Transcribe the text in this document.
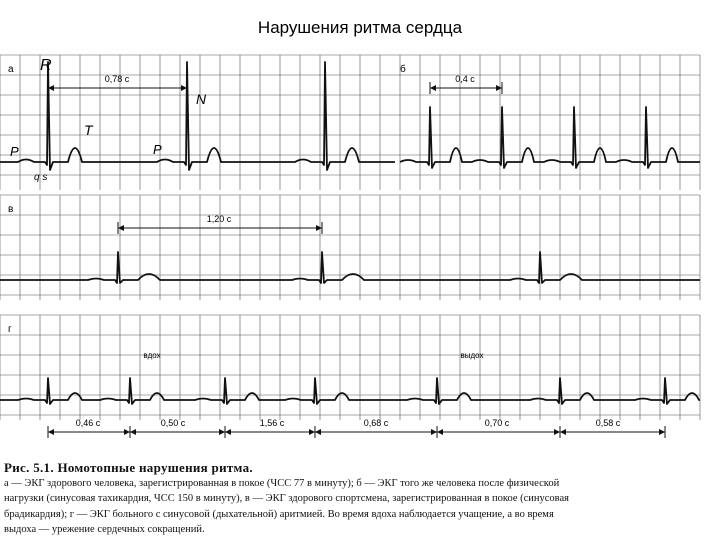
Нарушения ритма сердца
а	б
в
г
R
T
P	P
q s
N
0,78 с	0,4 с
1,20 с
вдох	выдох
0,46 с	0,50 с	1,56 с	0,68 с	0,70 с	0,58 с
Рис. 5.1. Номотопные нарушения ритма.
а — ЭКГ здорового человека, зарегистрированная в покое (ЧСС 77 в минуту); б — ЭКГ того же человека после физической
нагрузки (синусовая тахикардия, ЧСС 150 в минуту), в — ЭКГ здорового спортсмена, зарегистрированная в покое (синусовая
брадикардия); г — ЭКГ больного с синусовой (дыхательной) аритмией. Во время вдоха наблюдается учащение, а во время
выдоха — урежение сердечных сокращений.
